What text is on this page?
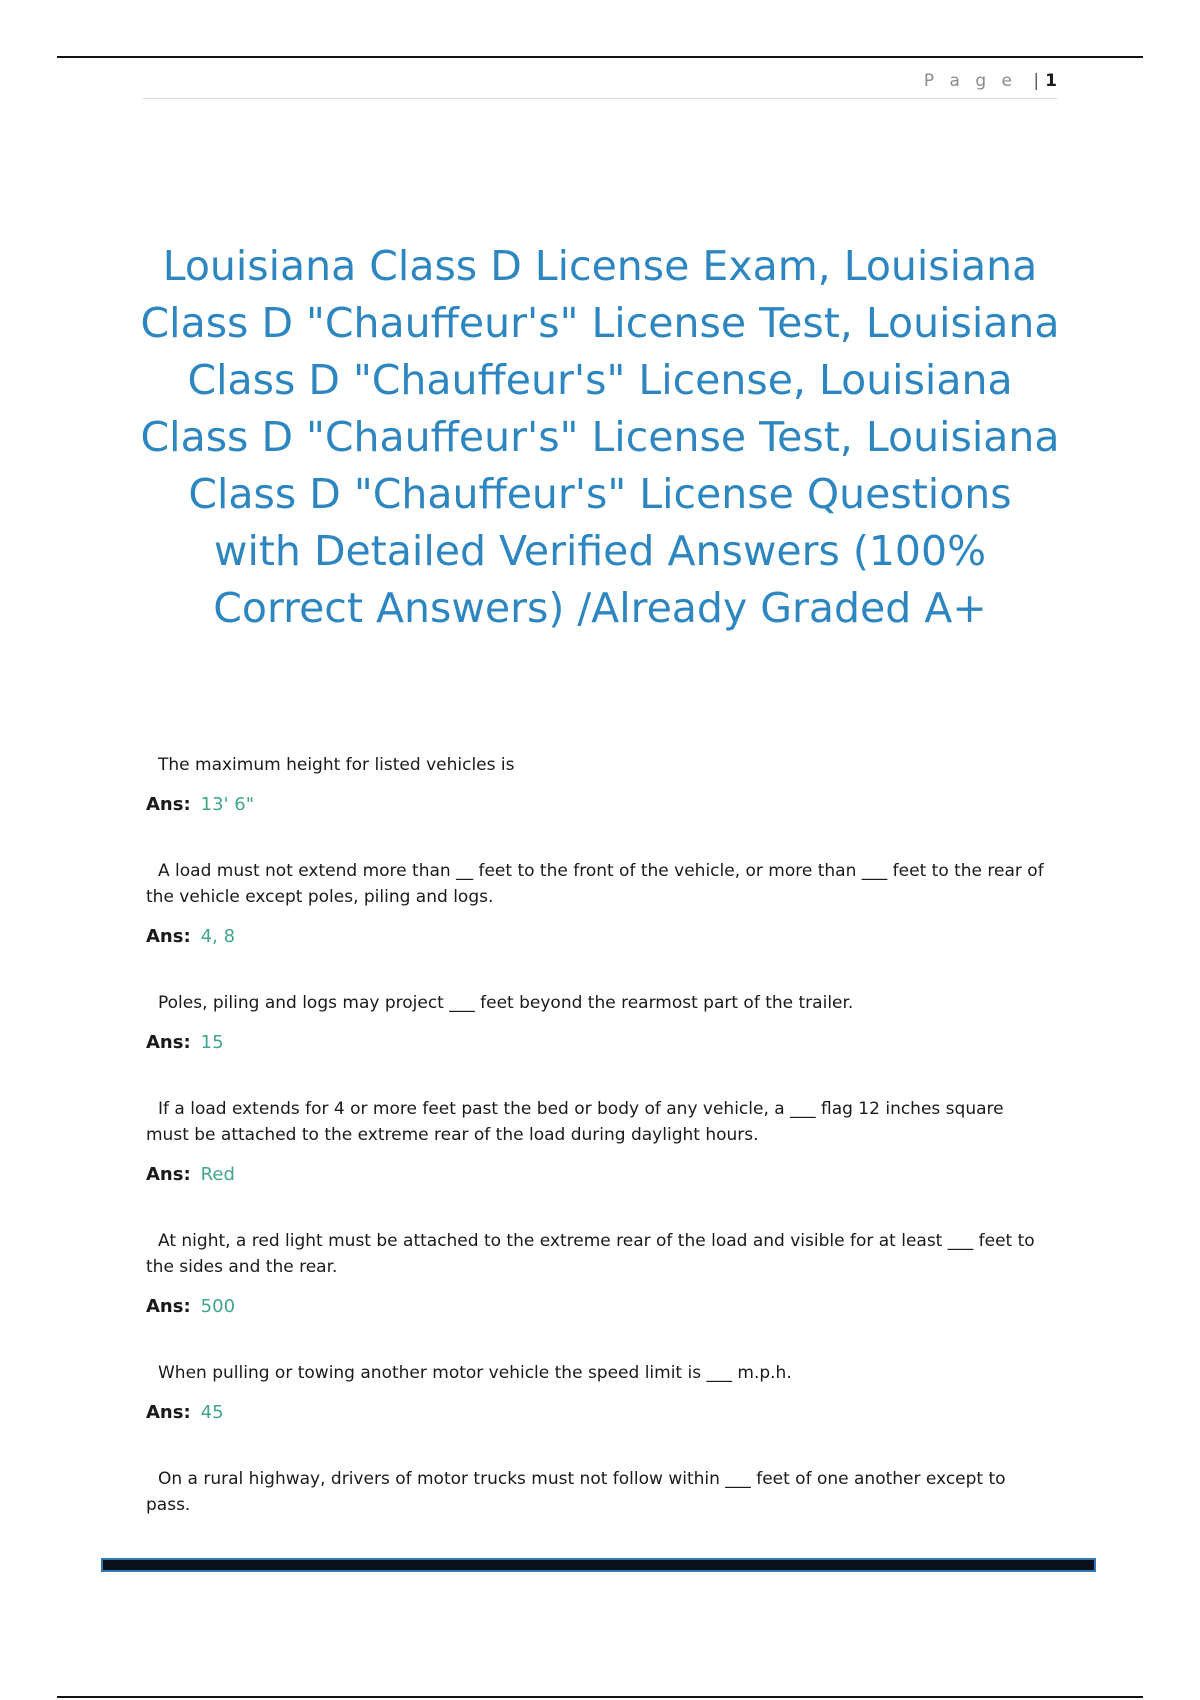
P a g e | 1
Louisiana Class D License Exam, Louisiana Class D "Chauffeur's" License Test, Louisiana Class D "Chauffeur's" License, Louisiana Class D "Chauffeur's" License Test, Louisiana Class D "Chauffeur's" License Questions with Detailed Verified Answers (100% Correct Answers) /Already Graded A+

The maximum height for listed vehicles is

Ans: 13' 6"

A load must not extend more than __ feet to the front of the vehicle, or more than ___ feet to the rear of the vehicle except poles, piling and logs.

Ans: 4, 8

Poles, piling and logs may project ___ feet beyond the rearmost part of the trailer.

Ans: 15

If a load extends for 4 or more feet past the bed or body of any vehicle, a ___ flag 12 inches square must be attached to the extreme rear of the load during daylight hours.

Ans: Red

At night, a red light must be attached to the extreme rear of the load and visible for at least ___ feet to the sides and the rear.

Ans: 500

When pulling or towing another motor vehicle the speed limit is ___ m.p.h.

Ans: 45

On a rural highway, drivers of motor trucks must not follow within ___ feet of one another except to pass.
